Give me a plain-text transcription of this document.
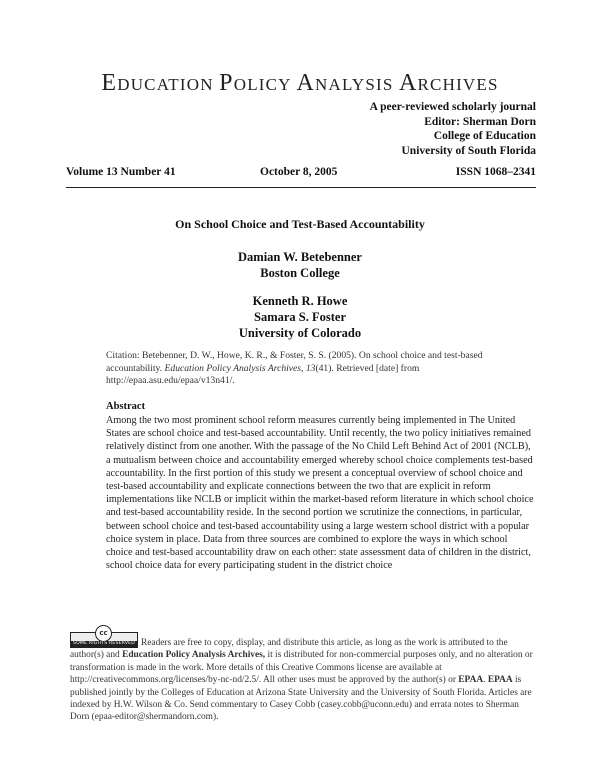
EDUCATION POLICY ANALYSIS ARCHIVES
A peer-reviewed scholarly journal
Editor: Sherman Dorn
College of Education
University of South Florida
Volume 13 Number 41	October 8, 2005	ISSN 1068–2341
On School Choice and Test-Based Accountability
Damian W. Betebenner
Boston College
Kenneth R. Howe
Samara S. Foster
University of Colorado
Citation: Betebenner, D. W., Howe, K. R., & Foster, S. S. (2005). On school choice and test-based accountability. Education Policy Analysis Archives, 13(41). Retrieved [date] from http://epaa.asu.edu/epaa/v13n41/.
Abstract
Among the two most prominent school reform measures currently being implemented in The United States are school choice and test-based accountability. Until recently, the two policy initiatives remained relatively distinct from one another. With the passage of the No Child Left Behind Act of 2001 (NCLB), a mutualism between choice and accountability emerged whereby school choice complements test-based accountability. In the first portion of this study we present a conceptual overview of school choice and test-based accountability and explicate connections between the two that are explicit in reform implementations like NCLB or implicit within the market-based reform literature in which school choice and test-based accountability reside. In the second portion we scrutinize the connections, in particular, between school choice and test-based accountability using a large western school district with a popular choice system in place. Data from three sources are combined to explore the ways in which school choice and test-based accountability draw on each other: state assessment data of children in the district, school choice data for every participating student in the district choice
cc
SOME RIGHTS RESERVED Readers are free to copy, display, and distribute this article, as long as the work is attributed to the author(s) and Education Policy Analysis Archives, it is distributed for non-commercial purposes only, and no alteration or transformation is made in the work. More details of this Creative Commons license are available at http://creativecommons.org/licenses/by-nc-nd/2.5/. All other uses must be approved by the author(s) or EPAA. EPAA is published jointly by the Colleges of Education at Arizona State University and the University of South Florida. Articles are indexed by H.W. Wilson & Co. Send commentary to Casey Cobb (casey.cobb@uconn.edu) and errata notes to Sherman Dorn (epaa-editor@shermandorn.com).
